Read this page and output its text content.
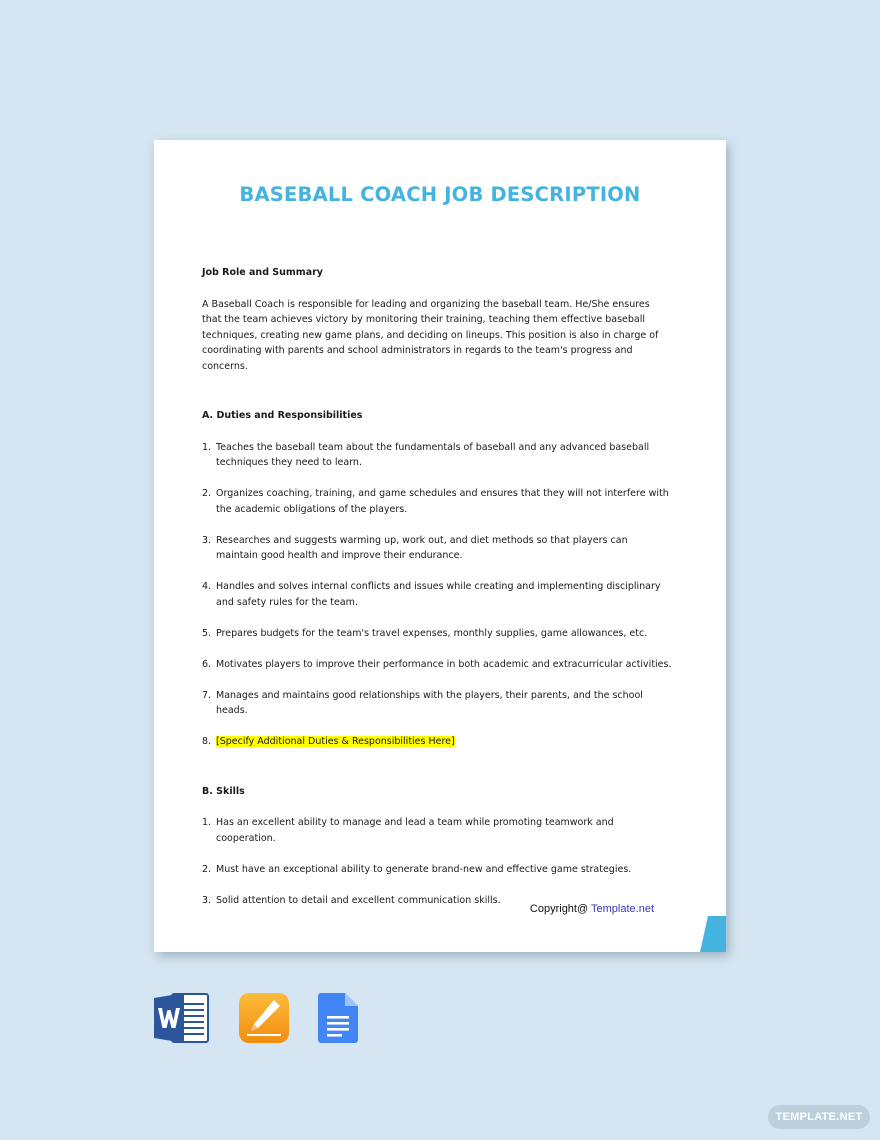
BASEBALL COACH JOB DESCRIPTION

Job Role and Summary

A Baseball Coach is responsible for leading and organizing the baseball team. He/She ensures that the team achieves victory by monitoring their training, teaching them effective baseball techniques, creating new game plans, and deciding on lineups. This position is also in charge of coordinating with parents and school administrators in regards to the team's progress and concerns.

A. Duties and Responsibilities

1. Teaches the baseball team about the fundamentals of baseball and any advanced baseball techniques they need to learn.
2. Organizes coaching, training, and game schedules and ensures that they will not interfere with the academic obligations of the players.
3. Researches and suggests warming up, work out, and diet methods so that players can maintain good health and improve their endurance.
4. Handles and solves internal conflicts and issues while creating and implementing disciplinary and safety rules for the team.
5. Prepares budgets for the team's travel expenses, monthly supplies, game allowances, etc.
6. Motivates players to improve their performance in both academic and extracurricular activities.
7. Manages and maintains good relationships with the players, their parents, and the school heads.
8. [Specify Additional Duties & Responsibilities Here]

B. Skills

1. Has an excellent ability to manage and lead a team while promoting teamwork and cooperation.
2. Must have an exceptional ability to generate brand-new and effective game strategies.
3. Solid attention to detail and excellent communication skills.
Copyright@ Template.net
TEMPLATE.NET
